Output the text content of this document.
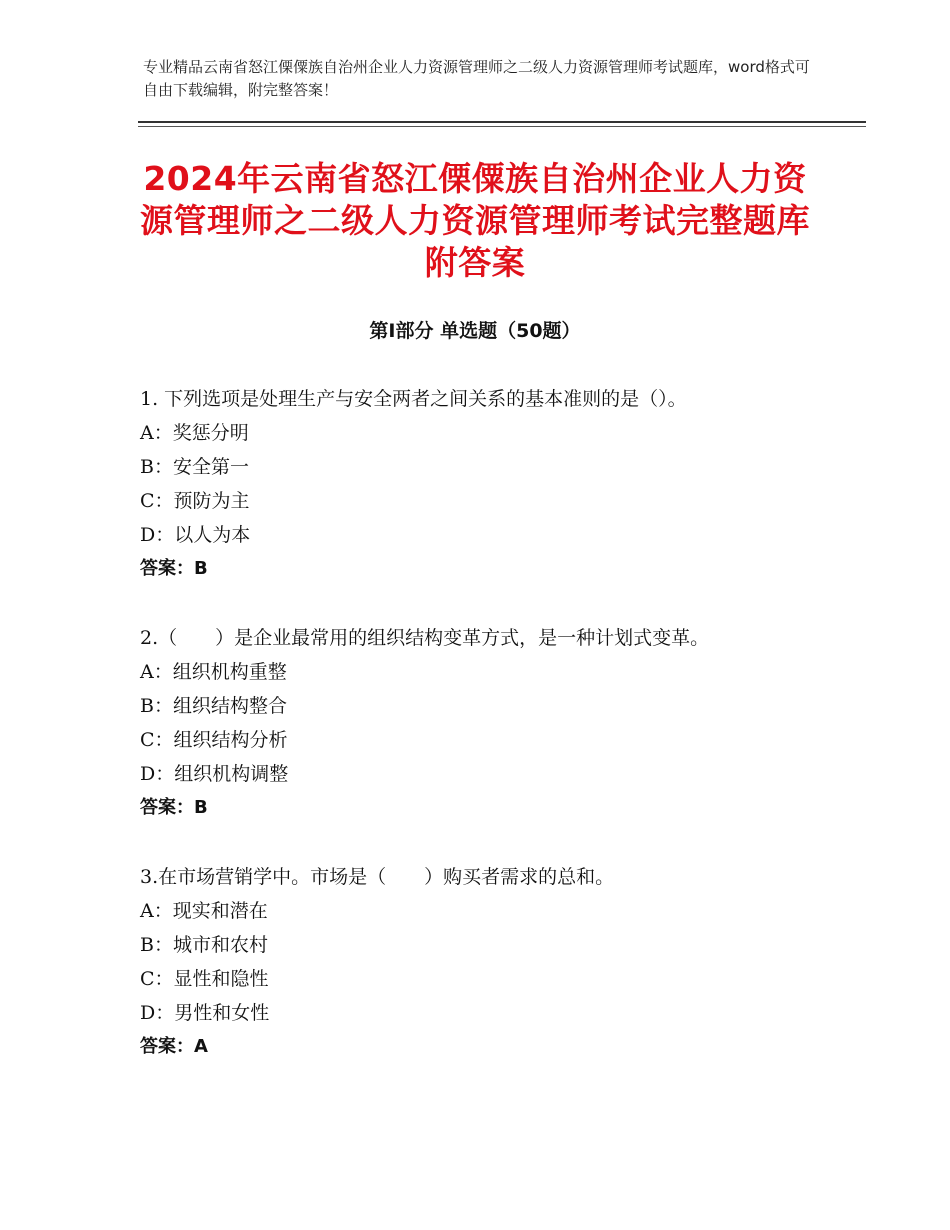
专业精品云南省怒江傈僳族自治州企业人力资源管理师之二级人力资源管理师考试题库，word格式可自由下载编辑，附完整答案！
2024年云南省怒江傈僳族自治州企业人力资源管理师之二级人力资源管理师考试完整题库附答案
第Ⅰ部分 单选题（50题）
1. 下列选项是处理生产与安全两者之间关系的基本准则的是（）。
A：奖惩分明
B：安全第一
C：预防为主
D：以人为本
答案：B
2.（　　）是企业最常用的组织结构变革方式，是一种计划式变革。
A：组织机构重整
B：组织结构整合
C：组织结构分析
D：组织机构调整
答案：B
3.在市场营销学中。市场是（　　）购买者需求的总和。
A：现实和潜在
B：城市和农村
C：显性和隐性
D：男性和女性
答案：A
